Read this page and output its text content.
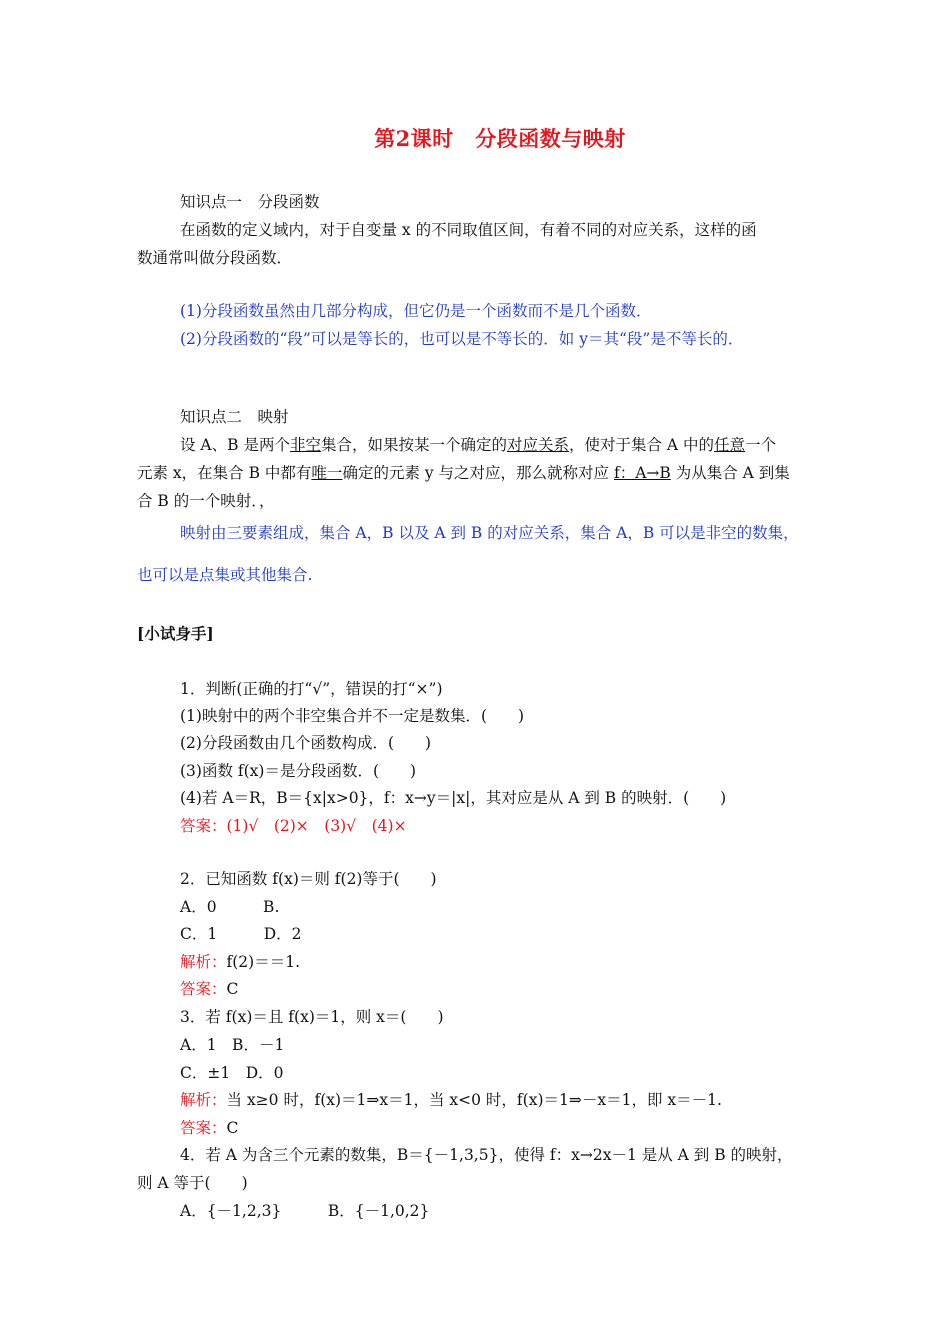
第2课时　分段函数与映射
知识点一　分段函数
在函数的定义域内，对于自变量 x 的不同取值区间，有着不同的对应关系，这样的函
数通常叫做分段函数．
(1)分段函数虽然由几部分构成，但它仍是一个函数而不是几个函数．
(2)分段函数的“段”可以是等长的，也可以是不等长的．如 y＝其“段”是不等长的．
知识点二　映射
设 A、B 是两个非空集合，如果按某一个确定的对应关系，使对于集合 A 中的任意一个
元素 x，在集合 B 中都有唯一确定的元素 y 与之对应，那么就称对应 f：A→B 为从集合 A 到集
合 B 的一个映射．，
映射由三要素组成，集合 A，B 以及 A 到 B 的对应关系，集合 A，B 可以是非空的数集，
也可以是点集或其他集合.
[小试身手]
1．判断(正确的打“√”，错误的打“×”)
(1)映射中的两个非空集合并不一定是数集．(　　)
(2)分段函数由几个函数构成．(　　)
(3)函数 f(x)＝是分段函数．(　　)
(4)若 A＝R，B＝{x|x>0}，f：x→y＝|x|，其对应是从 A 到 B 的映射．(　　)
答案：(1)√　(2)×　(3)√　(4)×
2．已知函数 f(x)＝则 f(2)等于(　　)
A．0　　　B.
C．1　　　D．2
解析：f(2)＝＝1.
答案：C
3．若 f(x)＝且 f(x)＝1，则 x＝(　　)
A．1　B．－1
C．±1　D．0
解析：当 x≥0 时，f(x)＝1⇒x＝1，当 x<0 时，f(x)＝1⇒－x＝1，即 x＝－1.
答案：C
4．若 A 为含三个元素的数集，B＝{－1,3,5}，使得 f：x→2x－1 是从 A 到 B 的映射，
则 A 等于(　　)
A．{－1,2,3}　　　B．{－1,0,2}
